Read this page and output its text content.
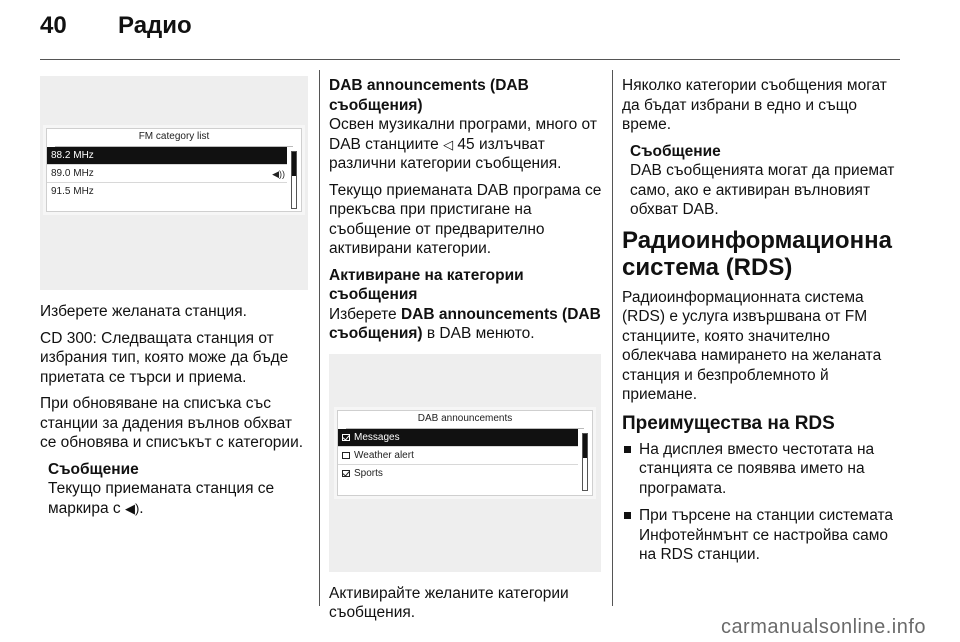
40	Радио
FM category list
88.2 MHz
89.0 MHz	◀))
91.5 MHz

Изберете желаната станция.

CD 300: Следващата станция от избрания тип, която може да бъде приетата се търси и приема.

При обновяване на списъка със станции за дадения вълнов обхват се обновява и списъкът с категории.

Съобщение
Текущо приеманата станция се маркира с ◀).
DAB announcements (DAB съобщения)

Освен музикални програми, много от DAB станциите ◁ 45 излъчват различни категории съобщения.

Текущо приеманата DAB програма се прекъсва при пристигане на съобщение от предварително активирани категории.

Активиране на категории съобщения

Изберете DAB announcements (DAB съобщения) в DAB менюто.

DAB announcements
Messages
Weather alert
Sports

Активирайте желаните категории съобщения.

Няколко категории съобщения могат да бъдат избрани в едно и също време.

Съобщение
DAB съобщенията могат да приемат само, ако е активиран вълновият обхват DAB.
Радиоинформационна система (RDS)

Радиоинформационната система (RDS) е услуга извършвана от FM станциите, която значително облекчава намирането на желаната станция и безпроблемното й приемане.

Преимущества на RDS
На дисплея вместо честотата на станцията се появява името на програмата.
При търсене на станции системата Инфотейнмънт се настройва само на RDS станции.
carmanualsonline.info
